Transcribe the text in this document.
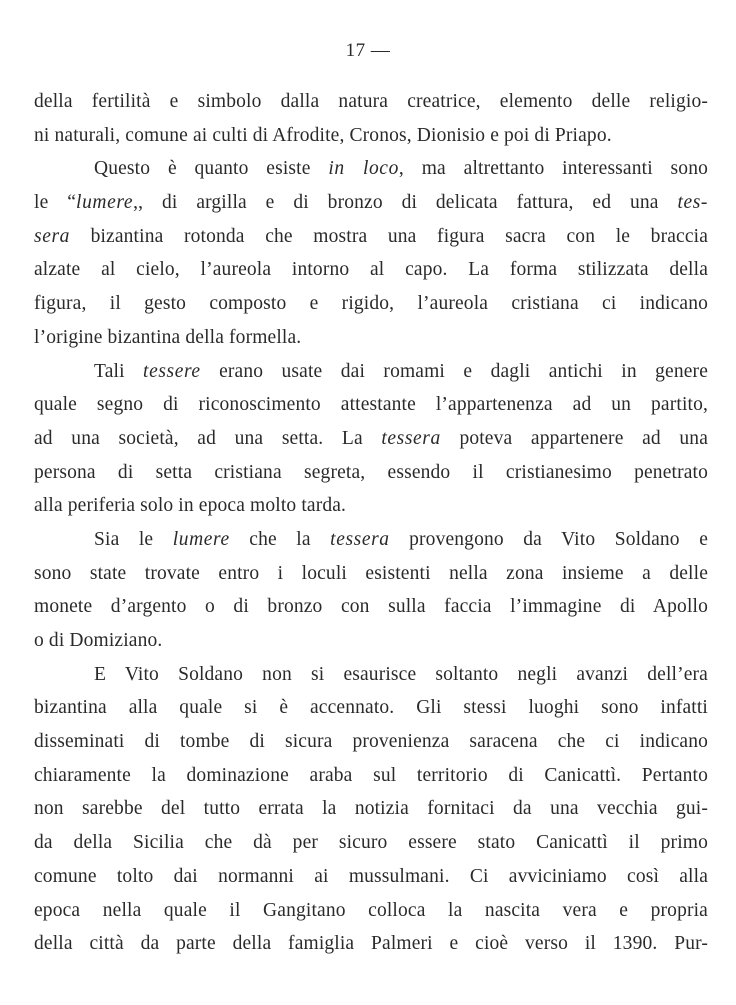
17 —
della fertilità e simbolo dalla natura creatrice, elemento delle religio-
ni naturali, comune ai culti di Afrodite, Cronos, Dionisio e poi di Priapo.
Questo è quanto esiste in loco, ma altrettanto interessanti sono
le “lumere,, di argilla e di bronzo di delicata fattura, ed una tes-
sera bizantina rotonda che mostra una figura sacra con le braccia
alzate al cielo, l’aureola intorno al capo. La forma stilizzata della
figura, il gesto composto e rigido, l’aureola cristiana ci indicano
l’origine bizantina della formella.
Tali tessere erano usate dai romami e dagli antichi in genere
quale segno di riconoscimento attestante l’appartenenza ad un partito,
ad una società, ad una setta. La tessera poteva appartenere ad una
persona di setta cristiana segreta, essendo il cristianesimo penetrato
alla periferia solo in epoca molto tarda.
Sia le lumere che la tessera provengono da Vito Soldano e
sono state trovate entro i loculi esistenti nella zona insieme a delle
monete d’argento o di bronzo con sulla faccia l’immagine di Apollo
o di Domiziano.
E Vito Soldano non si esaurisce soltanto negli avanzi dell’era
bizantina alla quale si è accennato. Gli stessi luoghi sono infatti
disseminati di tombe di sicura provenienza saracena che ci indicano
chiaramente la dominazione araba sul territorio di Canicattì. Pertanto
non sarebbe del tutto errata la notizia fornitaci da una vecchia gui-
da della Sicilia che dà per sicuro essere stato Canicattì il primo
comune tolto dai normanni ai mussulmani. Ci avviciniamo così alla
epoca nella quale il Gangitano colloca la nascita vera e propria
della città da parte della famiglia Palmeri e cioè verso il 1390. Pur-
